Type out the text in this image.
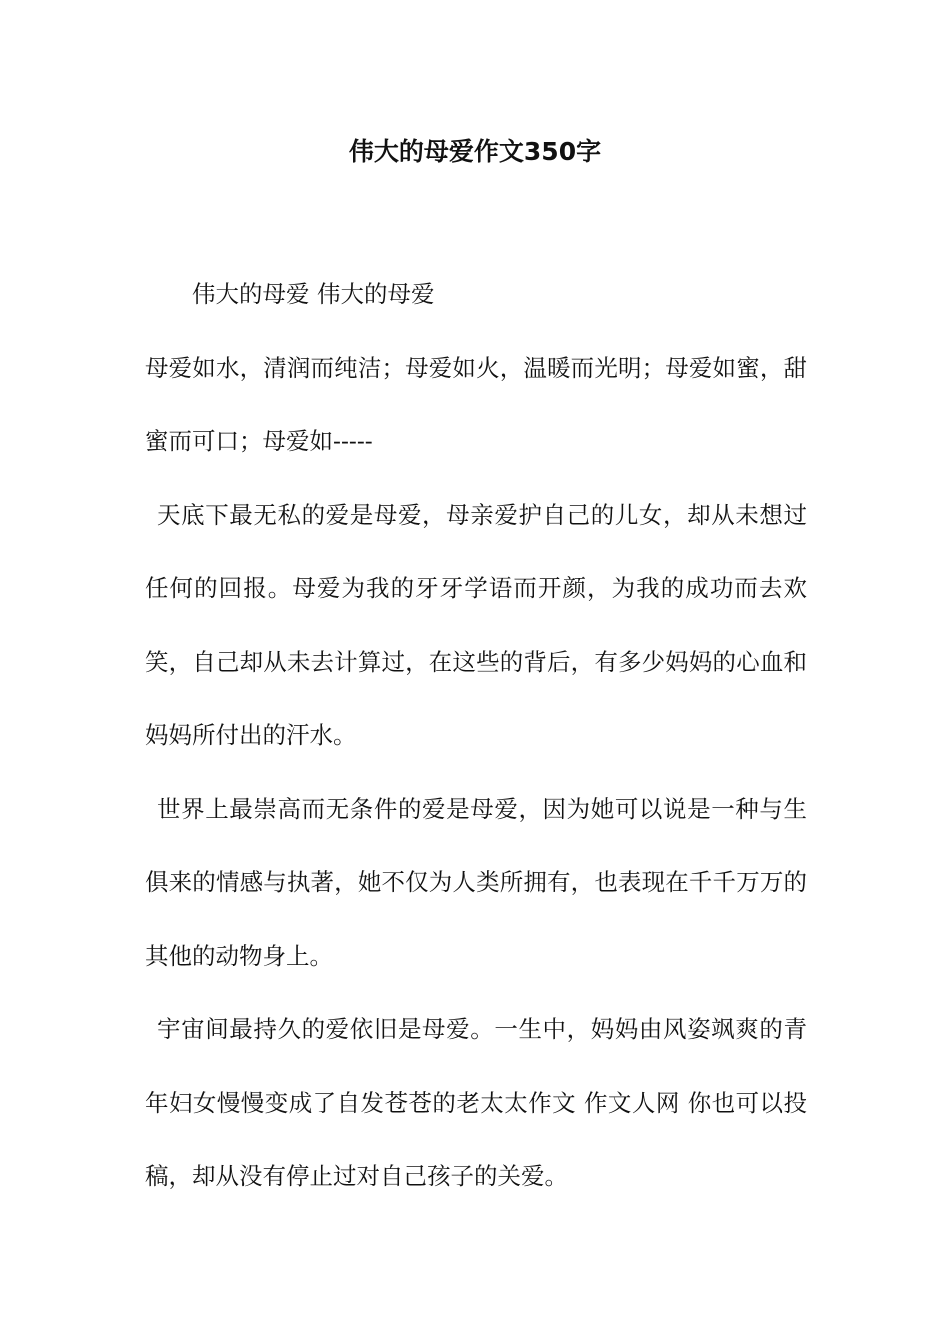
伟大的母爱作文350字

伟大的母爱 伟大的母爱

母爱如水，清润而纯洁；母爱如火，温暖而光明；母爱如蜜，甜蜜而可口；母爱如-----

天底下最无私的爱是母爱，母亲爱护自己的儿女，却从未想过任何的回报。母爱为我的牙牙学语而开颜，为我的成功而去欢笑，自己却从未去计算过，在这些的背后，有多少妈妈的心血和妈妈所付出的汗水。

世界上最崇高而无条件的爱是母爱，因为她可以说是一种与生俱来的情感与执著，她不仅为人类所拥有，也表现在千千万万的其他的动物身上。

宇宙间最持久的爱依旧是母爱。一生中，妈妈由风姿飒爽的青年妇女慢慢变成了自发苍苍的老太太作文 作文人网 你也可以投稿，却从没有停止过对自己孩子的关爱。
